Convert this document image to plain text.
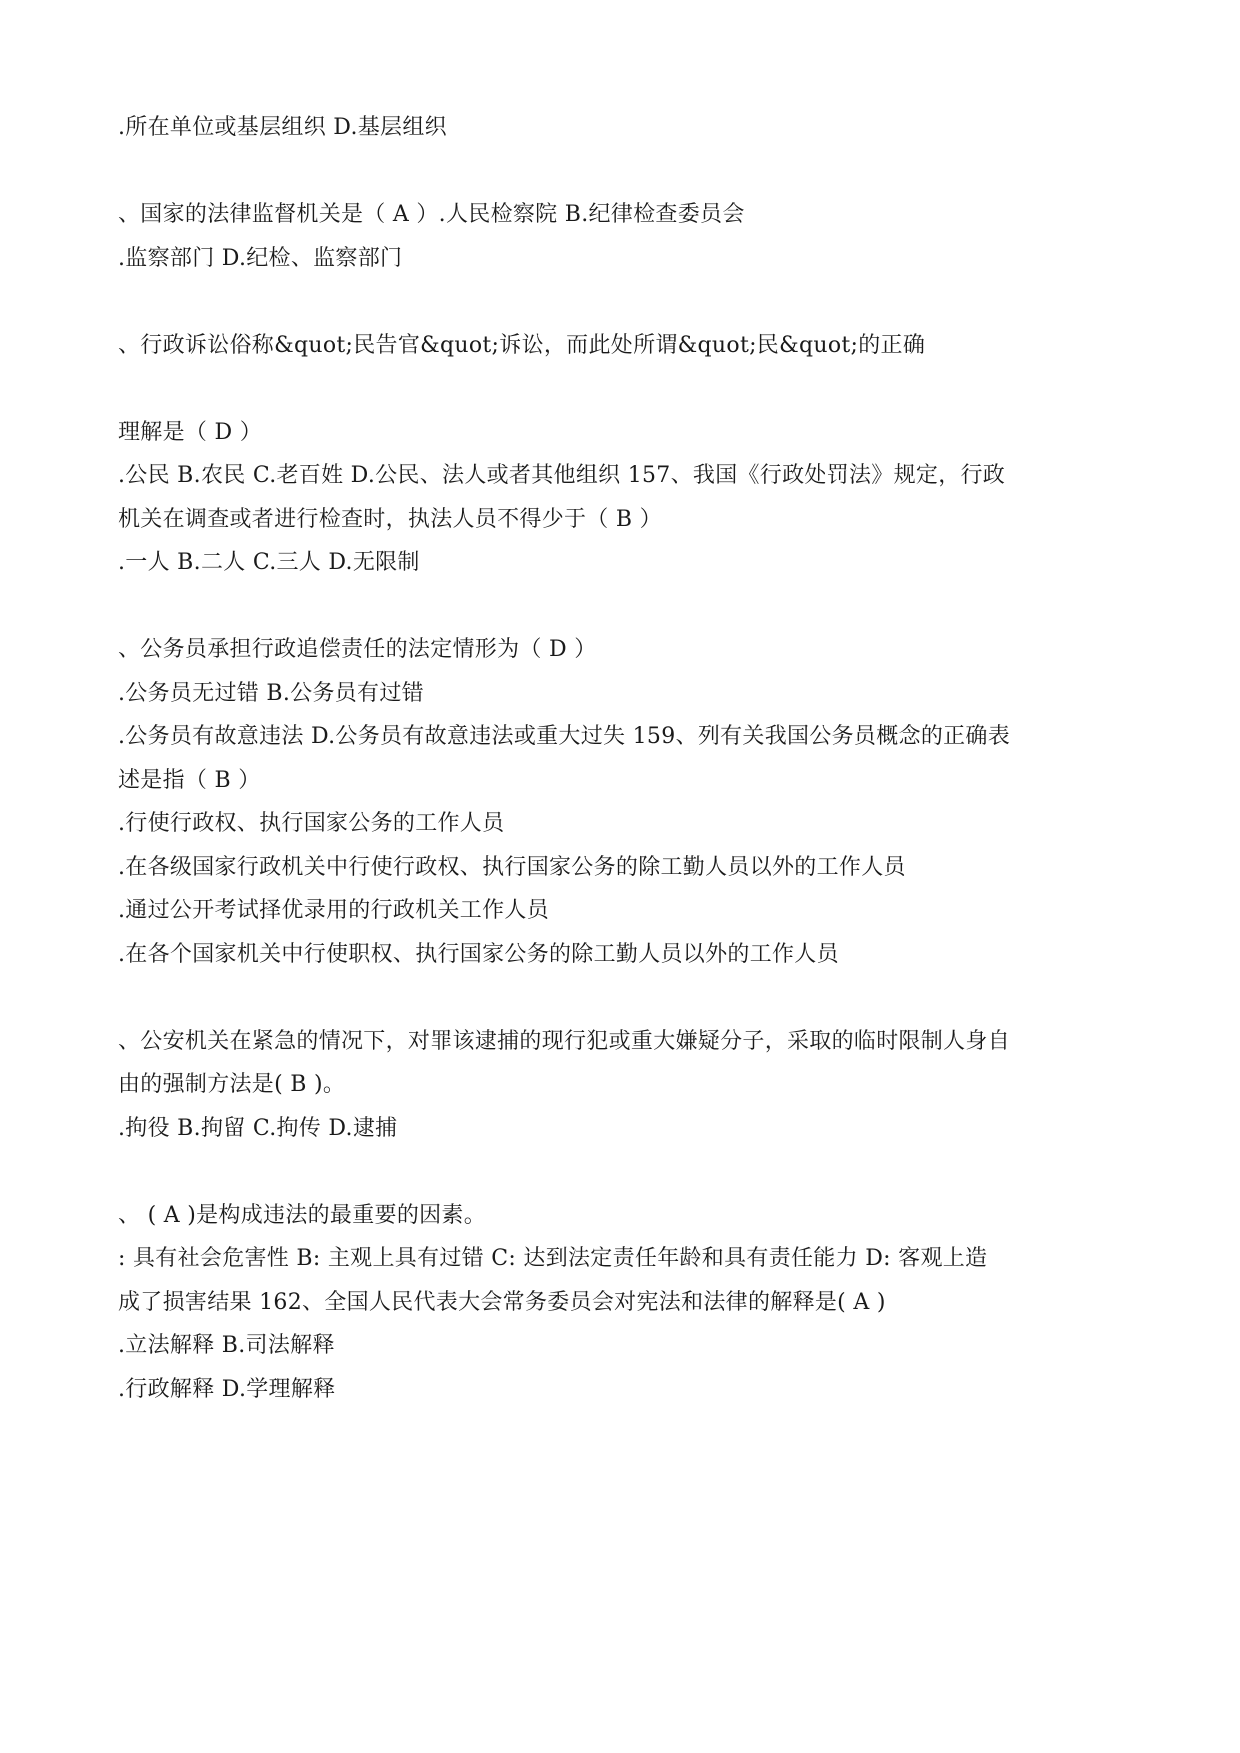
.所在单位或基层组织 D.基层组织
、国家的法律监督机关是（ A ）.人民检察院 B.纪律检查委员会
.监察部门 D.纪检、监察部门
、行政诉讼俗称&quot;民告官&quot;诉讼，而此处所谓&quot;民&quot;的正确
理解是（ D ）
.公民 B.农民 C.老百姓 D.公民、法人或者其他组织 157、我国《行政处罚法》规定，行政
机关在调查或者进行检查时，执法人员不得少于（ B ）
.一人 B.二人 C.三人 D.无限制
、公务员承担行政追偿责任的法定情形为（ D ）
.公务员无过错 B.公务员有过错
.公务员有故意违法 D.公务员有故意违法或重大过失 159、列有关我国公务员概念的正确表
述是指（ B ）
.行使行政权、执行国家公务的工作人员
.在各级国家行政机关中行使行政权、执行国家公务的除工勤人员以外的工作人员
.通过公开考试择优录用的行政机关工作人员
.在各个国家机关中行使职权、执行国家公务的除工勤人员以外的工作人员
、公安机关在紧急的情况下，对罪该逮捕的现行犯或重大嫌疑分子，采取的临时限制人身自
由的强制方法是( B )。
.拘役 B.拘留 C.拘传 D.逮捕
、 ( A )是构成违法的最重要的因素。
: 具有社会危害性 B: 主观上具有过错 C: 达到法定责任年龄和具有责任能力 D: 客观上造
成了损害结果 162、全国人民代表大会常务委员会对宪法和法律的解释是( A )
.立法解释 B.司法解释
.行政解释 D.学理解释
